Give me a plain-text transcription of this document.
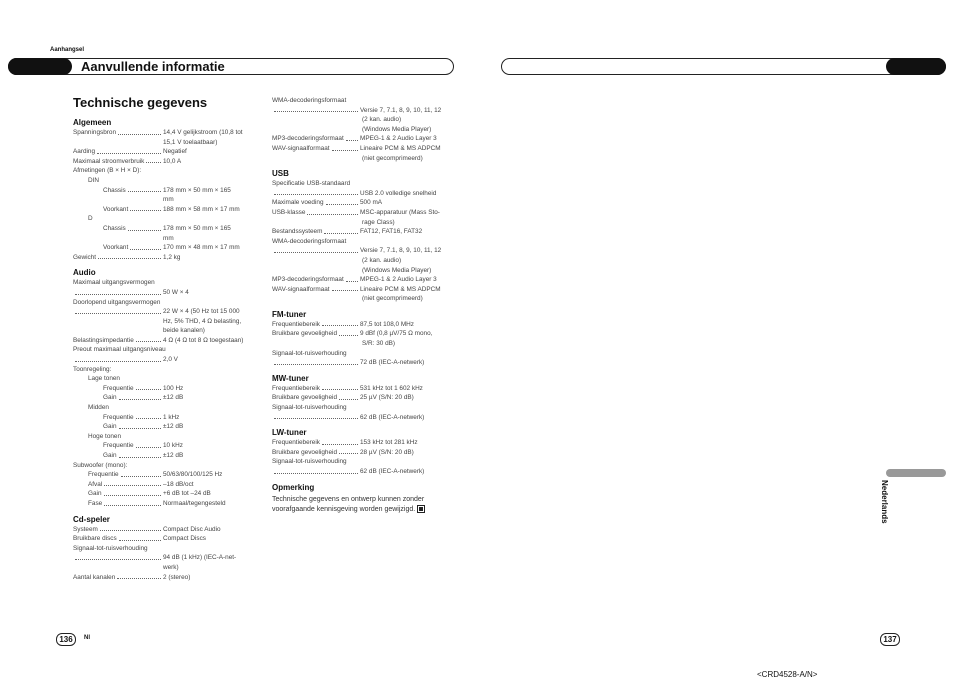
Aanhangsel
Aanvullende informatie
Technische gegevens
Algemeen
Spanningsbron	14,4 V gelijkstroom (10,8 tot
15,1 V toelaatbaar)
Aarding	Negatief
Maximaal stroomverbruik	10,0 A
Afmetingen (B × H × D):
DIN
Chassis	178 mm × 50 mm × 165
mm
Voorkant	188 mm × 58 mm × 17 mm
D
Chassis	178 mm × 50 mm × 165
mm
Voorkant	170 mm × 48 mm × 17 mm
Gewicht	1,2 kg
Audio
Maximaal uitgangsvermogen
50 W × 4
Doorlopend uitgangsvermogen
22 W × 4 (50 Hz tot 15 000
Hz, 5% THD, 4 Ω belasting,
beide kanalen)
Belastingsimpedantie	4 Ω (4 Ω tot 8 Ω toegestaan)
Preout maximaal uitgangsniveau
2,0 V
Toonregeling:
Lage tonen
Frequentie	100 Hz
Gain	±12 dB
Midden
Frequentie	1 kHz
Gain	±12 dB
Hoge tonen
Frequentie	10 kHz
Gain	±12 dB
Subwoofer (mono):
Frequentie	50/63/80/100/125 Hz
Afval	–18 dB/oct
Gain	+6 dB tot –24 dB
Fase	Normaal/tegengesteld
Cd-speler
Systeem	Compact Disc Audio
Bruikbare discs	Compact Discs
Signaal-tot-ruisverhouding
94 dB (1 kHz) (IEC-A-net-
werk)
Aantal kanalen	2 (stereo)
WMA-decoderingsformaat
Versie 7, 7.1, 8, 9, 10, 11, 12
(2 kan. audio)
(Windows Media Player)
MP3-decoderingsformaat	MPEG-1 & 2 Audio Layer 3
WAV-signaalformaat	Lineaire PCM & MS ADPCM
(niet gecomprimeerd)
USB
Specificatie USB-standaard
USB 2.0 volledige snelheid
Maximale voeding	500 mA
USB-klasse	MSC-apparatuur (Mass Sto-
rage Class)
Bestandssysteem	FAT12, FAT16, FAT32
WMA-decoderingsformaat
Versie 7, 7.1, 8, 9, 10, 11, 12
(2 kan. audio)
(Windows Media Player)
MP3-decoderingsformaat	MPEG-1 & 2 Audio Layer 3
WAV-signaalformaat	Lineaire PCM & MS ADPCM
(niet gecomprimeerd)
FM-tuner
Frequentiebereik	87,5 tot 108,0 MHz
Bruikbare gevoeligheid	9 dBf (0,8 µV/75 Ω mono,
S/R: 30 dB)
Signaal-tot-ruisverhouding
72 dB (IEC-A-netwerk)
MW-tuner
Frequentiebereik	531 kHz tot 1 602 kHz
Bruikbare gevoeligheid	25 µV (S/N: 20 dB)
Signaal-tot-ruisverhouding
62 dB (IEC-A-netwerk)
LW-tuner
Frequentiebereik	153 kHz tot 281 kHz
Bruikbare gevoeligheid	28 µV (S/N: 20 dB)
Signaal-tot-ruisverhouding
62 dB (IEC-A-netwerk)
Opmerking
Technische gegevens en ontwerp kunnen zonder voorafgaande kennisgeving worden gewijzigd.
136	Nl	137
Nederlands
<CRD4528-A/N>
